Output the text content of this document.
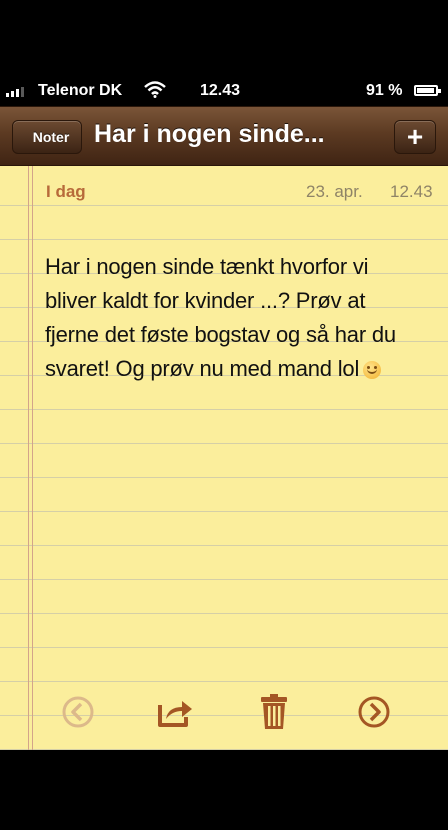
Telenor DK	12.43	91 %
Noter Har i nogen sinde...	+
I dag	23. apr. 12.43
Har i nogen sinde tænkt hvorfor vi
bliver kaldt for kvinder ...? Prøv at
fjerne det føste bogstav og så har du
svaret! Og prøv nu med mand lol
